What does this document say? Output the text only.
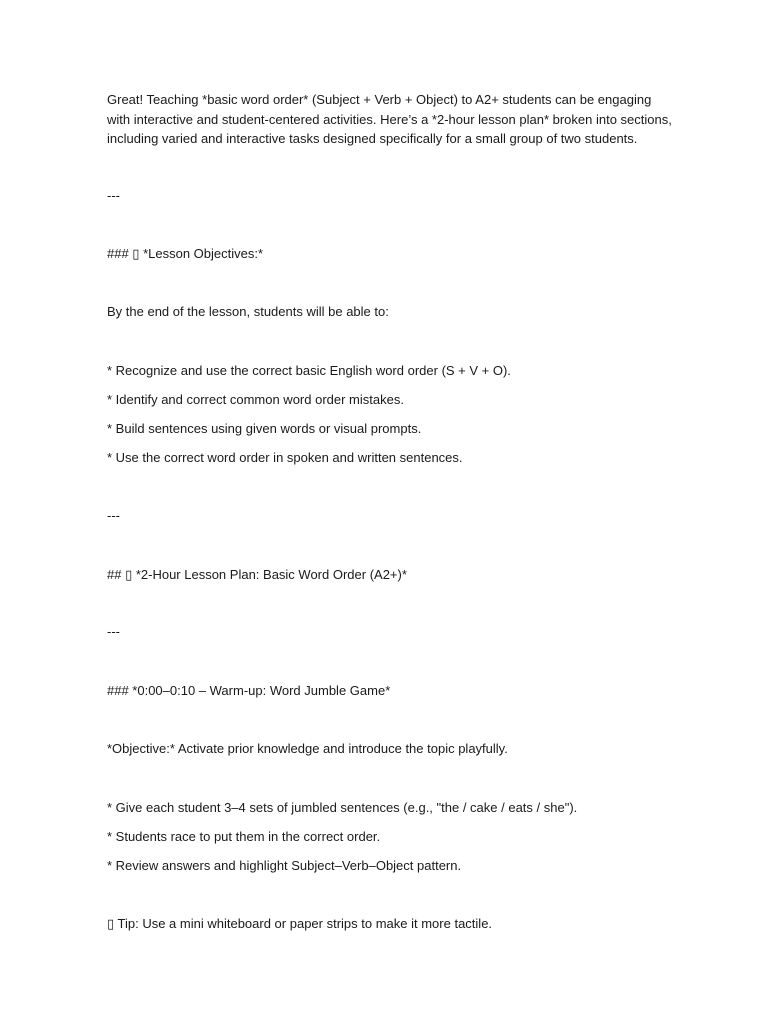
Great! Teaching *basic word order* (Subject + Verb + Object) to A2+ students can be engaging with interactive and student-centered activities. Here’s a *2-hour lesson plan* broken into sections, including varied and interactive tasks designed specifically for a small group of two students.

---

### ▯ *Lesson Objectives:*

By the end of the lesson, students will be able to:

* Recognize and use the correct basic English word order (S + V + O).

* Identify and correct common word order mistakes.

* Build sentences using given words or visual prompts.

* Use the correct word order in spoken and written sentences.

---

## ▯ *2-Hour Lesson Plan: Basic Word Order (A2+)*

---

### *0:00–0:10 – Warm-up: Word Jumble Game*

*Objective:* Activate prior knowledge and introduce the topic playfully.

* Give each student 3–4 sets of jumbled sentences (e.g., "the / cake / eats / she").

* Students race to put them in the correct order.

* Review answers and highlight Subject–Verb–Object pattern.

▯ Tip: Use a mini whiteboard or paper strips to make it more tactile.
